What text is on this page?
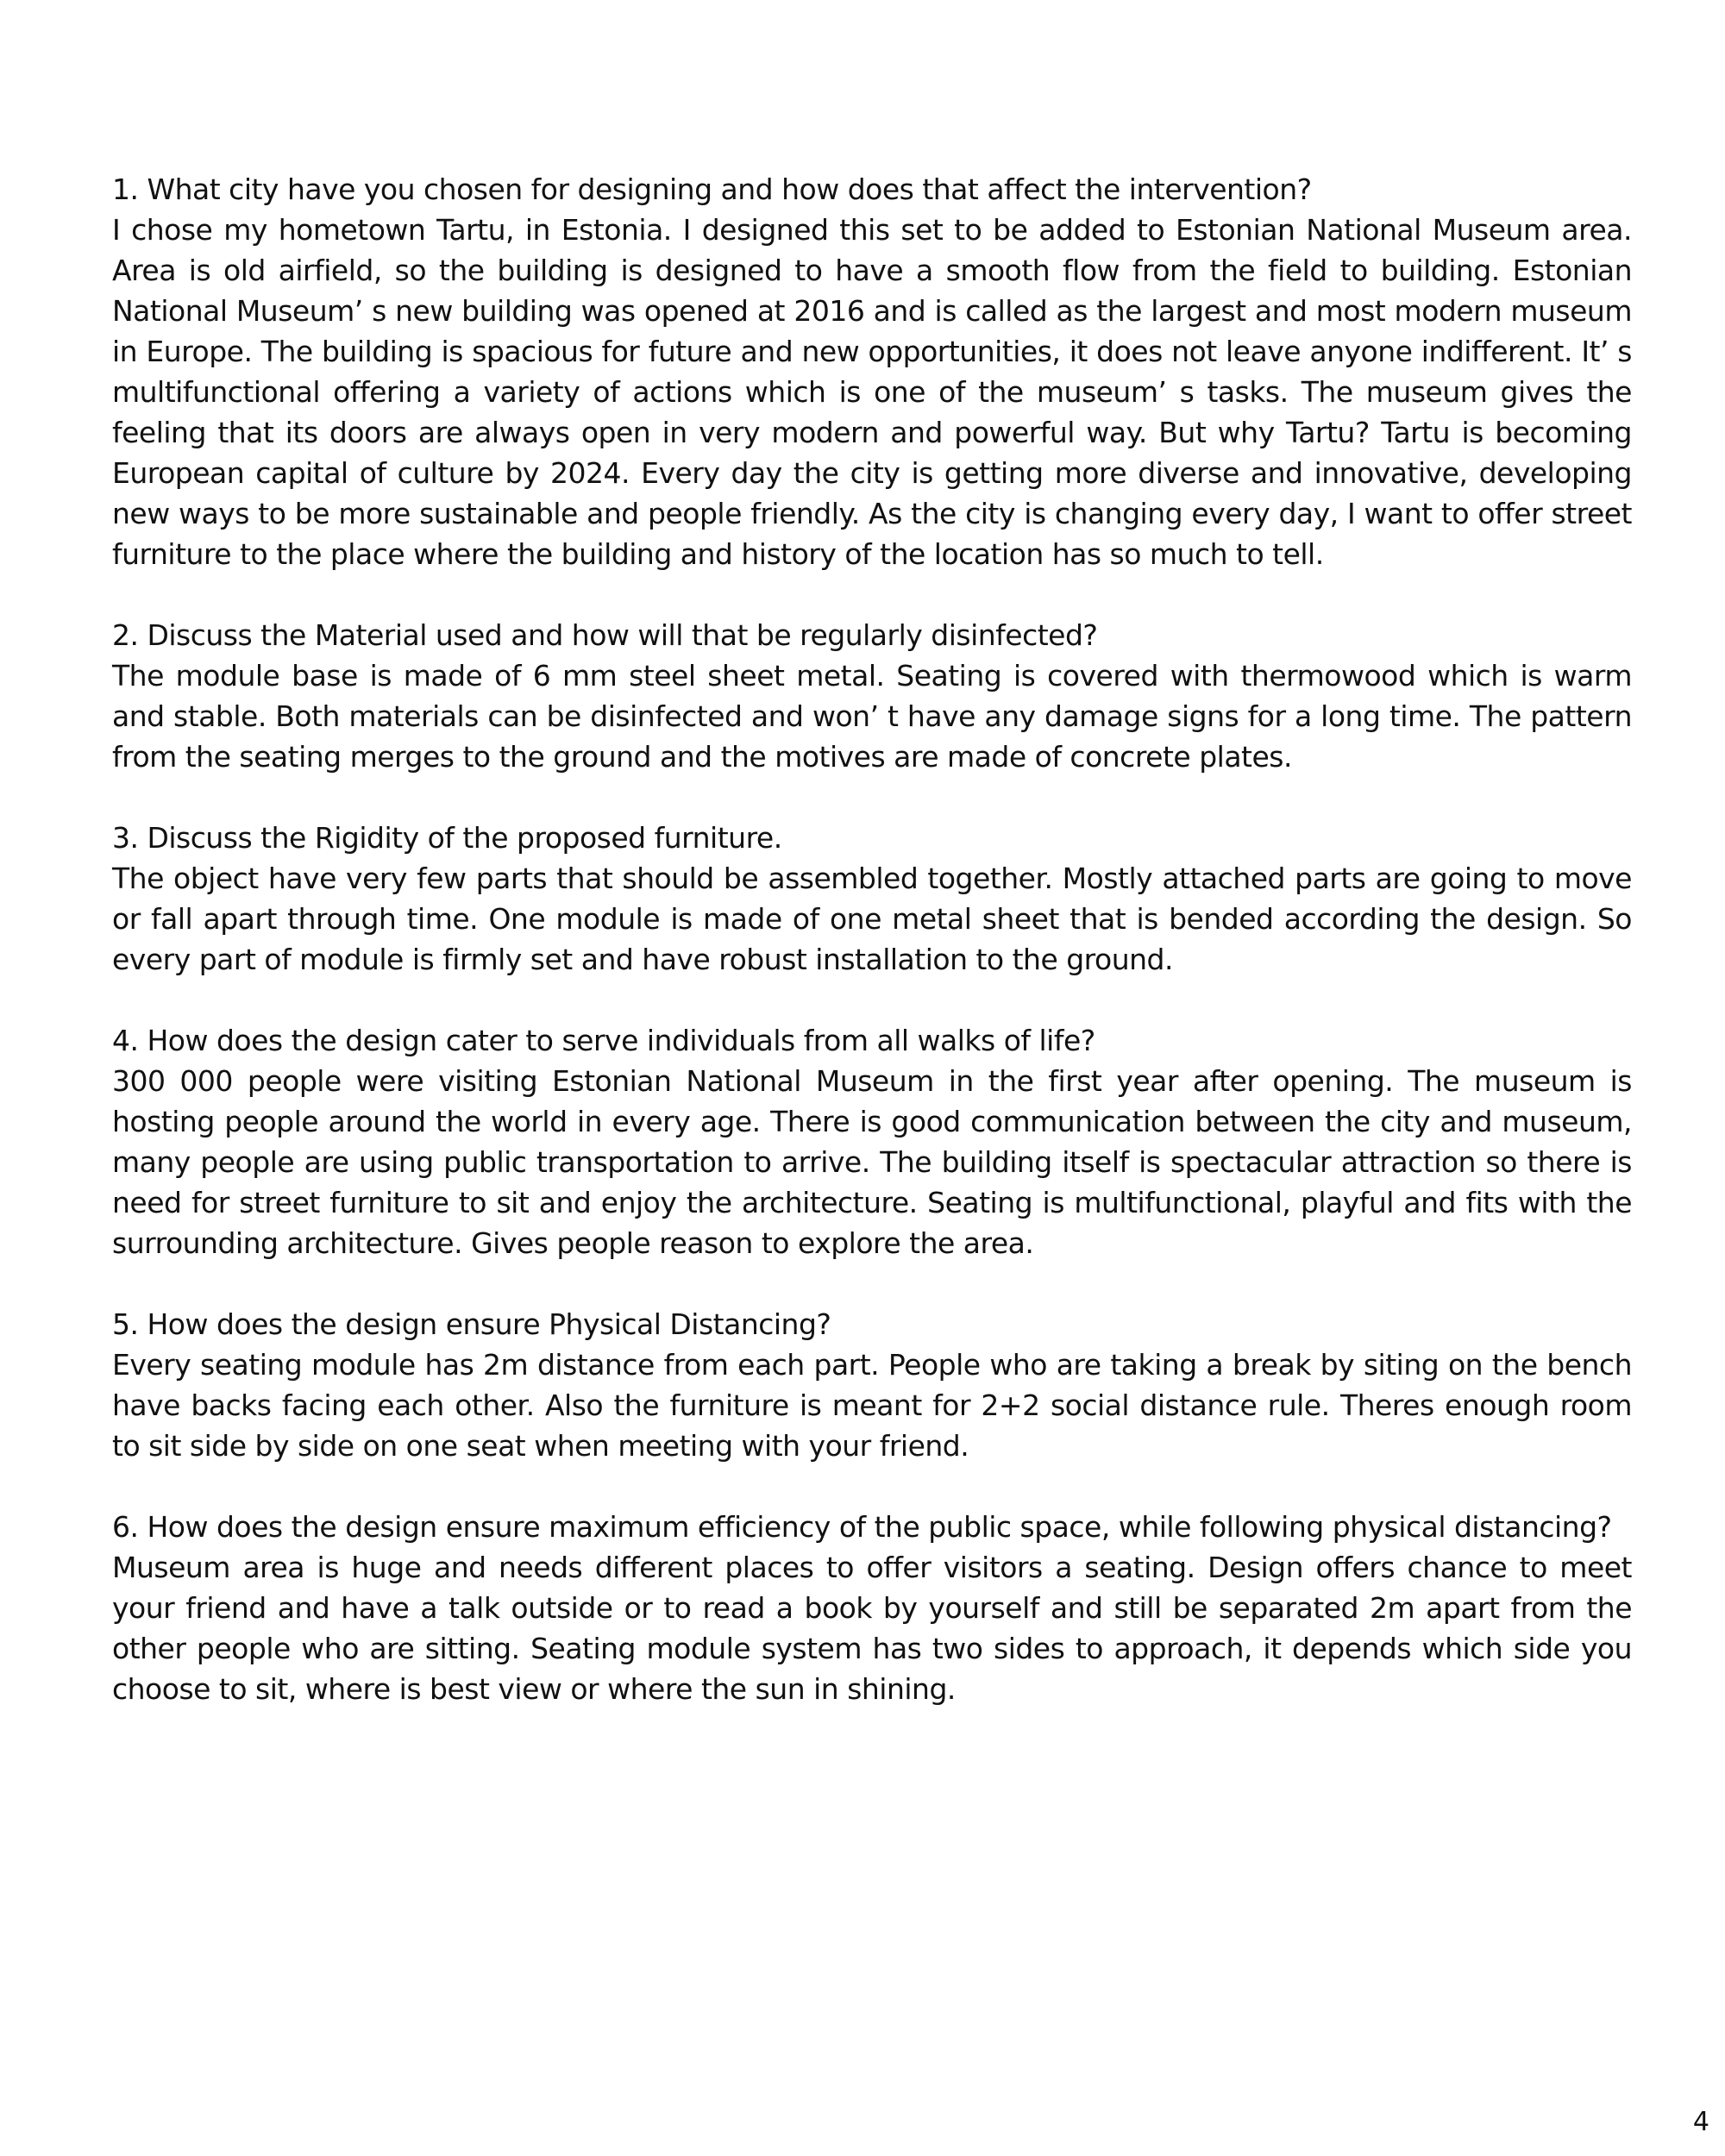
1. What city have you chosen for designing and how does that affect the intervention?

I chose my hometown Tartu, in Estonia. I designed this set to be added to Estonian National Museum area. Area is old airfield, so the building is designed to have a smooth flow from the field to building. Estonian National Museum’ s new building was opened at 2016 and is called as the largest and most modern museum in Europe. The building is spacious for future and new opportunities, it does not leave anyone indifferent. It’ s multifunctional offering a variety of actions which is one of the museum’ s tasks. The museum gives the feeling that its doors are always open in very modern and powerful way. But why Tartu? Tartu is becoming European capital of culture by 2024. Every day the city is getting more diverse and innovative, developing new ways to be more sustainable and people friendly. As the city is changing every day, I want to offer street furniture to the place where the building and history of the location has so much to tell.

2. Discuss the Material used and how will that be regularly disinfected?

The module base is made of 6 mm steel sheet metal. Seating is covered with thermowood which is warm and stable. Both materials can be disinfected and won’ t have any damage signs for a long time. The pattern from the seating merges to the ground and the motives are made of concrete plates.

3. Discuss the Rigidity of the proposed furniture.

The object have very few parts that should be assembled together. Mostly attached parts are going to move or fall apart through time. One module is made of one metal sheet that is bended according the design. So every part of module is firmly set and have robust installation to the ground.

4. How does the design cater to serve individuals from all walks of life?

300 000 people were visiting Estonian National Museum in the first year after opening. The museum is hosting people around the world in every age. There is good communication between the city and museum, many people are using public transportation to arrive. The building itself is spectacular attraction so there is need for street furniture to sit and enjoy the architecture. Seating is multifunctional, playful and fits with the surrounding architecture. Gives people reason to explore the area.

5. How does the design ensure Physical Distancing?

Every seating module has 2m distance from each part. People who are taking a break by siting on the bench have backs facing each other. Also the furniture is meant for 2+2 social distance rule. Theres enough room to sit side by side on one seat when meeting with your friend.

6. How does the design ensure maximum efficiency of the public space, while following physical distancing?

Museum area is huge and needs different places to offer visitors a seating. Design offers chance to meet your friend and have a talk outside or to read a book by yourself and still be separated 2m apart from the other people who are sitting. Seating module system has two sides to approach, it depends which side you choose to sit, where is best view or where the sun in shining.

4
